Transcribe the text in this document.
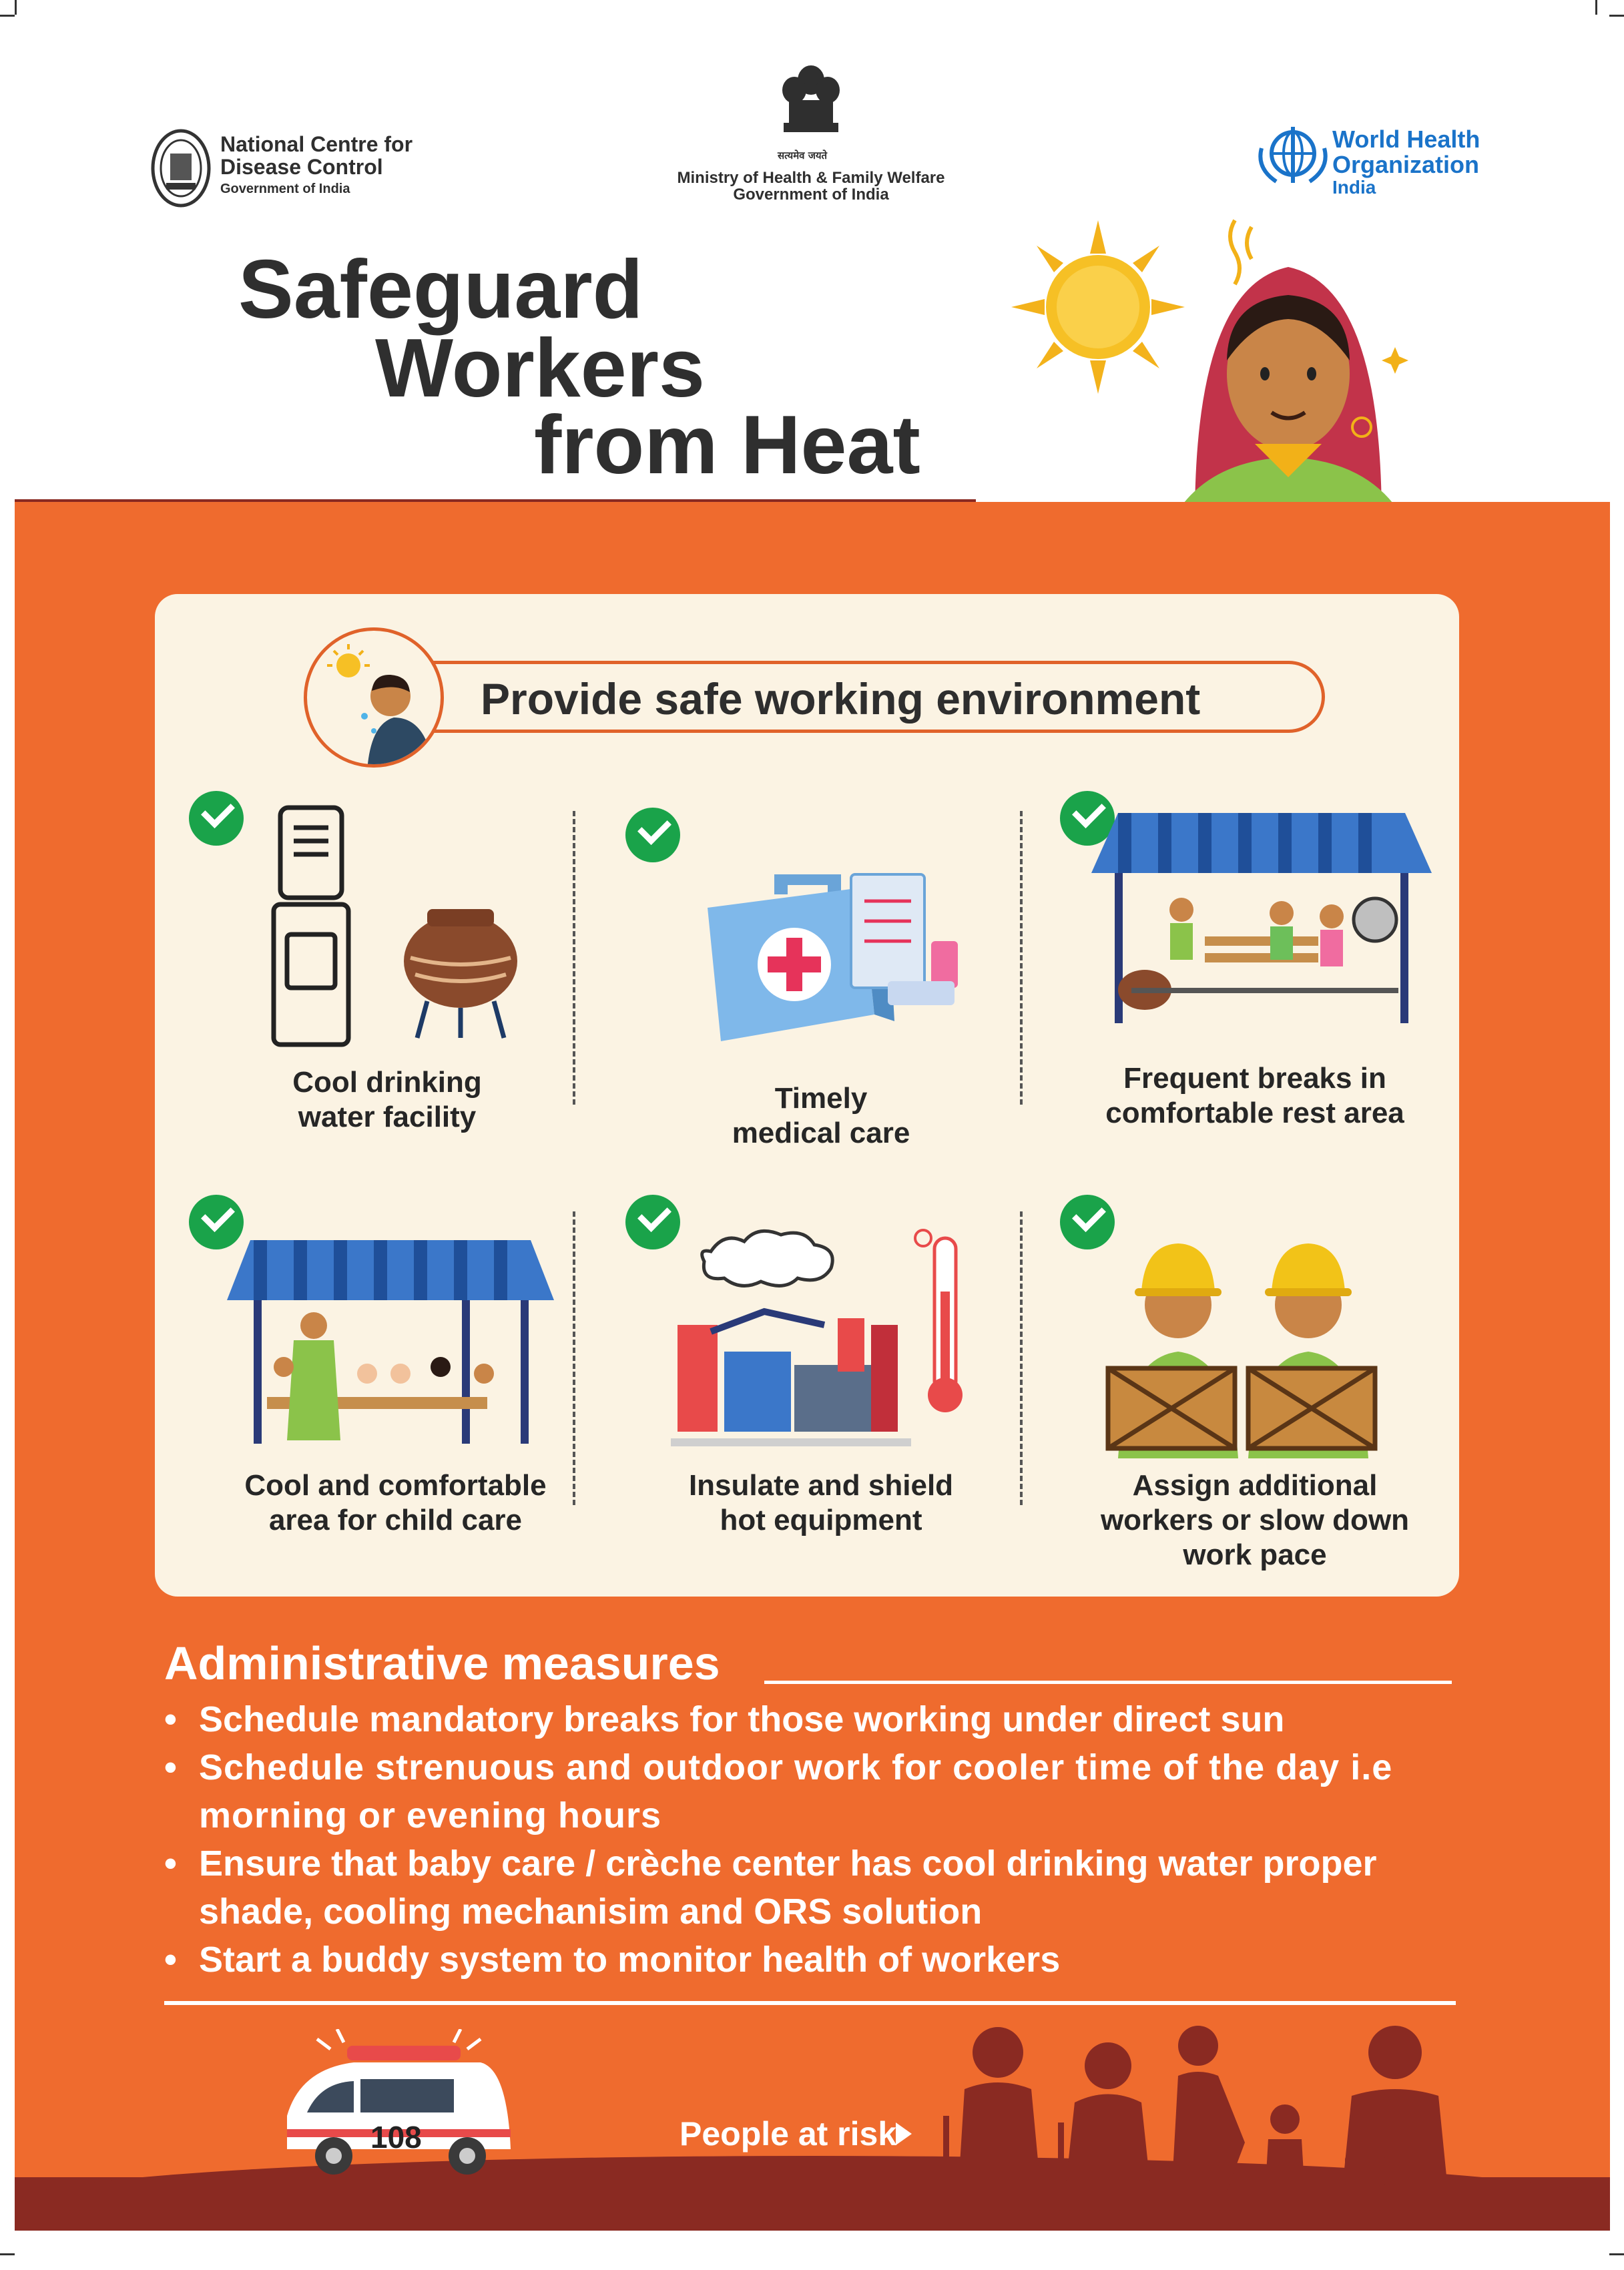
National Centre for
Disease Control
Government of India
सत्यमेव जयते
Ministry of Health & Family Welfare
Government of India
World Health
Organization
India
Safeguard
Workers
from Heat
Provide safe working environment
Cool drinking
water facility
Timely
medical care
Frequent breaks in
comfortable rest area
Cool and comfortable
area for child care
Insulate and shield
hot equipment
Assign additional
workers or slow down
work pace
Administrative measures
• Schedule mandatory breaks for those working under direct sun
• Schedule strenuous and outdoor work for cooler time of the day i.e morning or evening hours
• Ensure that baby care / crèche center has cool drinking water proper shade, cooling mechanisim and ORS solution
• Start a buddy system to monitor health of workers
108	People at risk
